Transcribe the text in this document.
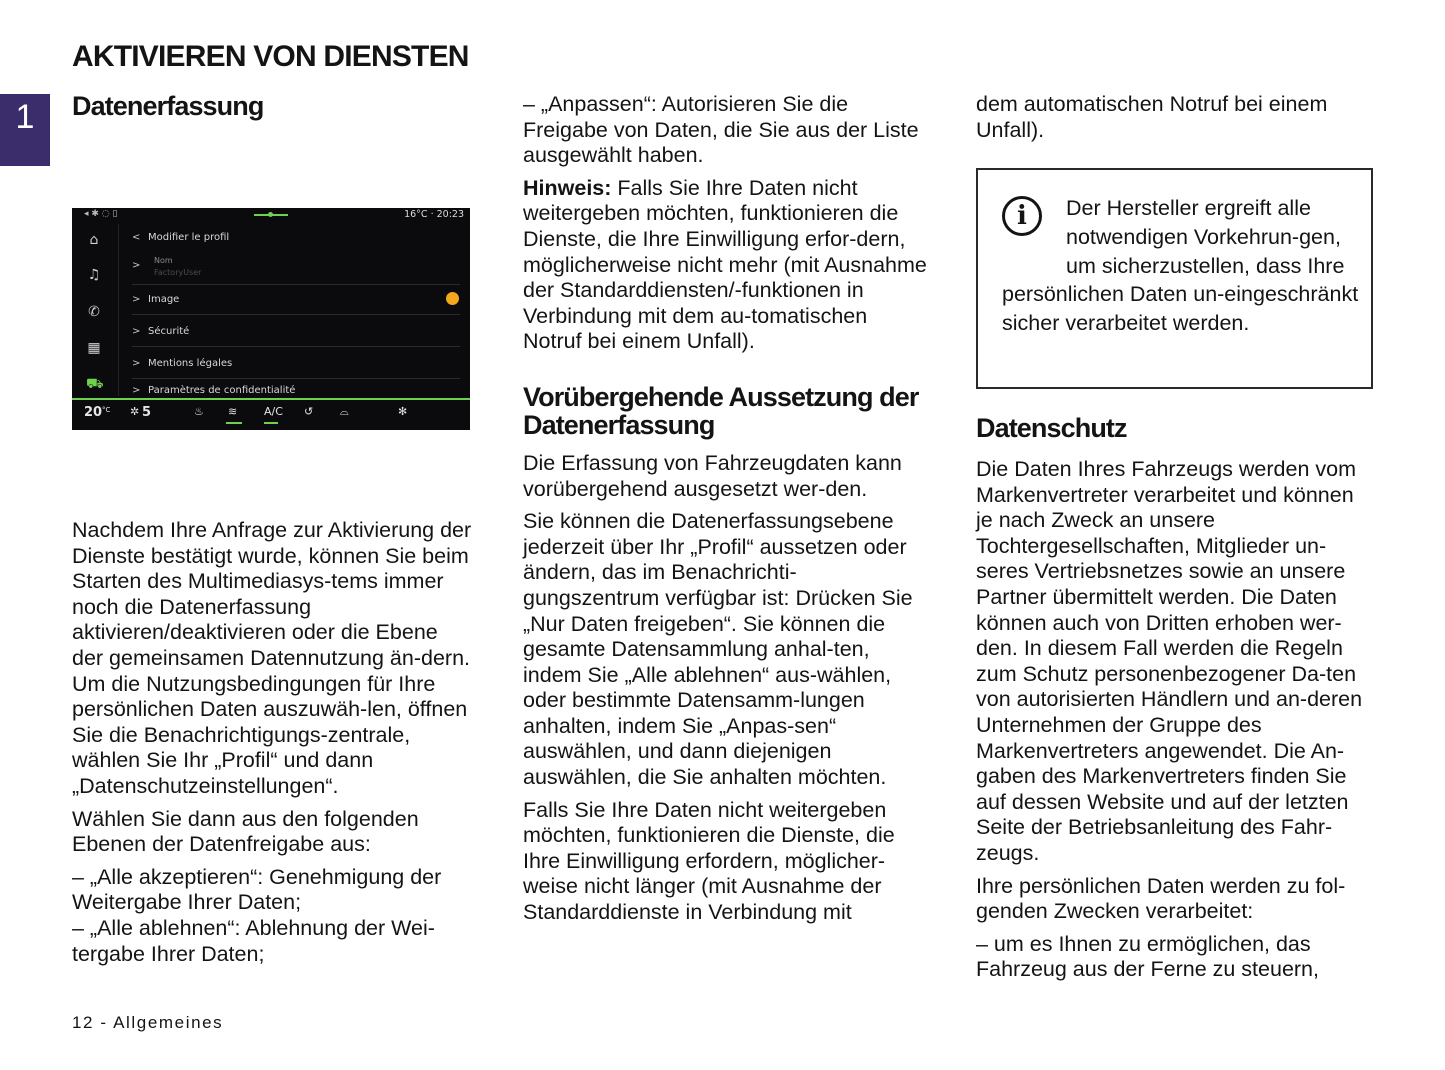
AKTIVIEREN VON DIENSTEN
1	Datenerfassung
◂ ✱ ◌ ▯	16°C · 20:23
⌂
♫
✆
▦
⛟
< Modifier le profil
>	Nom
FactoryUser
> Image
> Sécurité
> Mentions légales
> Paramètres de confidentialité
20 °C ✲ 5	♨ ≋ A/C ↺ ⌓	✻

Nachdem Ihre Anfrage zur Aktivierung der Dienste bestätigt wurde, können Sie beim Starten des Multimediasys-tems immer noch die Datenerfassung aktivieren/deaktivieren oder die Ebene der gemeinsamen Datennutzung än-dern. Um die Nutzungsbedingungen für Ihre persönlichen Daten auszuwäh-len, öffnen Sie die Benachrichtigungs-zentrale, wählen Sie Ihr „Profil“ und dann „Datenschutzeinstellungen“.

Wählen Sie dann aus den folgenden Ebenen der Datenfreigabe aus:

– „Alle akzeptieren“: Genehmigung der Weitergabe Ihrer Daten;

– „Alle ablehnen“: Ablehnung der Wei-tergabe Ihrer Daten;

– „Anpassen“: Autorisieren Sie die Freigabe von Daten, die Sie aus der Liste ausgewählt haben.

Hinweis: Falls Sie Ihre Daten nicht weitergeben möchten, funktionieren die Dienste, die Ihre Einwilligung erfor-dern, möglicherweise nicht mehr (mit Ausnahme der Standarddiensten/-funktionen in Verbindung mit dem au-tomatischen Notruf bei einem Unfall).

Vorübergehende Aussetzung der Datenerfassung

Die Erfassung von Fahrzeugdaten kann vorübergehend ausgesetzt wer-den.

Sie können die Datenerfassungsebene jederzeit über Ihr „Profil“ aussetzen oder ändern, das im Benachrichti-gungszentrum verfügbar ist: Drücken Sie „Nur Daten freigeben“. Sie können die gesamte Datensammlung anhal-ten, indem Sie „Alle ablehnen“ aus-wählen, oder bestimmte Datensamm-lungen anhalten, indem Sie „Anpas-sen“ auswählen, und dann diejenigen auswählen, die Sie anhalten möchten.

Falls Sie Ihre Daten nicht weitergeben möchten, funktionieren die Dienste, die Ihre Einwilligung erfordern, möglicher-weise nicht länger (mit Ausnahme der Standarddienste in Verbindung mit

dem automatischen Notruf bei einem Unfall).

i	Der Hersteller ergreift alle notwendigen Vorkehrun-gen, um sicherzustellen, dass Ihre persönlichen Daten un-eingeschränkt sicher verarbeitet werden.
Datenschutz

Die Daten Ihres Fahrzeugs werden vom Markenvertreter verarbeitet und können je nach Zweck an unsere Tochtergesellschaften, Mitglieder un-seres Vertriebsnetzes sowie an unsere Partner übermittelt werden. Die Daten können auch von Dritten erhoben wer-den. In diesem Fall werden die Regeln zum Schutz personenbezogener Da-ten von autorisierten Händlern und an-deren Unternehmen der Gruppe des Markenvertreters angewendet. Die An-gaben des Markenvertreters finden Sie auf dessen Website und auf der letzten Seite der Betriebsanleitung des Fahr-zeugs.

Ihre persönlichen Daten werden zu fol-genden Zwecken verarbeitet:

– um es Ihnen zu ermöglichen, das Fahrzeug aus der Ferne zu steuern,

12 - Allgemeines
